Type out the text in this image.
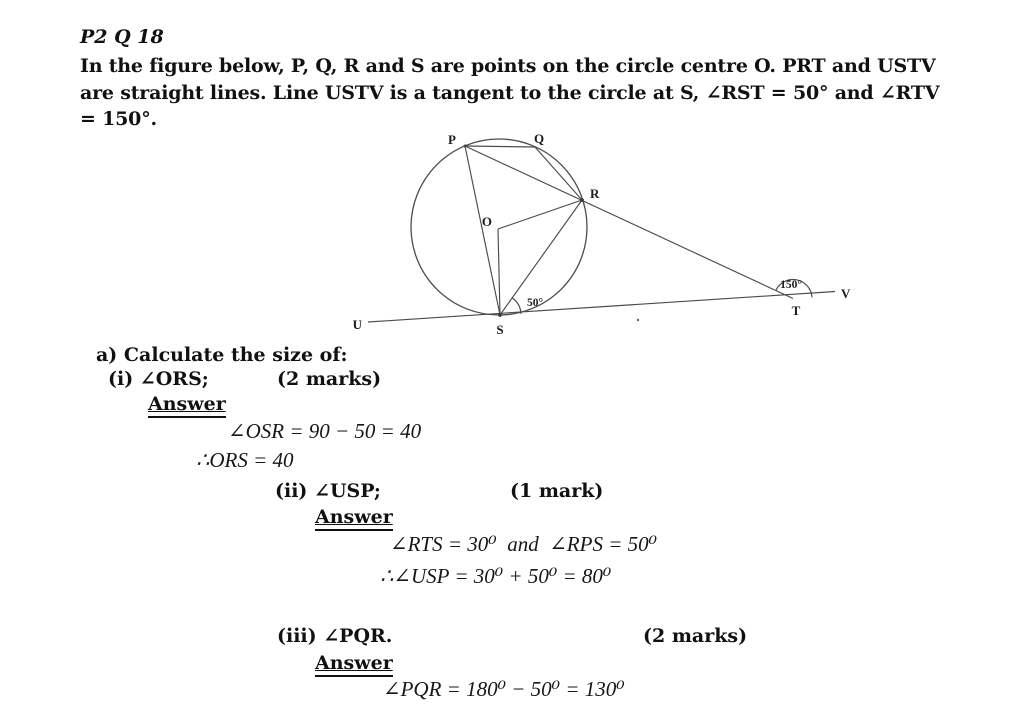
P2 Q 18
In the figure below, P, Q, R and S are points on the circle centre O. PRT and USTV
are straight lines. Line USTV is a tangent to the circle at S, ∠RST = 50° and ∠RTV
= 150°.
P	Q
R
O
S
U
T
V
50°
150°
a) Calculate the size of:
(i) ∠ORS;	(2 marks)
Answer
∠OSR = 90 − 50 = 40
∴ORS = 40
(ii) ∠USP;	(1 mark)
Answer
∠RTS = 30⁰  and  ∠RPS = 50⁰
∴∠USP = 30⁰ + 50⁰ = 80⁰
(iii) ∠PQR.	(2 marks)
Answer
∠PQR = 180⁰ − 50⁰ = 130⁰
